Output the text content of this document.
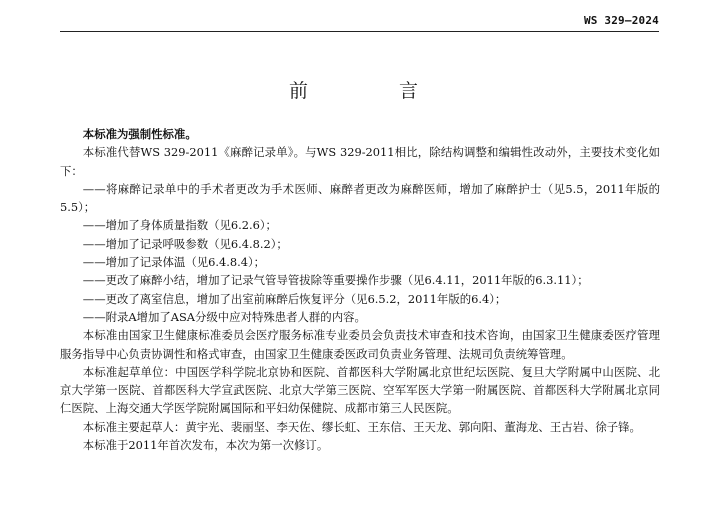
WS 329—2024
前　言

本标准为强制性标准。

本标准代替WS 329-2011《麻醉记录单》。与WS 329-2011相比，除结构调整和编辑性改动外，主要技术变化如下：

——将麻醉记录单中的手术者更改为手术医师、麻醉者更改为麻醉医师，增加了麻醉护士（见5.5，2011年版的5.5）；

——增加了身体质量指数（见6.2.6）；

——增加了记录呼吸参数（见6.4.8.2）；

——增加了记录体温（见6.4.8.4）；

——更改了麻醉小结，增加了记录气管导管拔除等重要操作步骤（见6.4.11，2011年版的6.3.11）；

——更改了离室信息，增加了出室前麻醉后恢复评分（见6.5.2，2011年版的6.4）；

——附录A增加了ASA分级中应对特殊患者人群的内容。

本标准由国家卫生健康标准委员会医疗服务标准专业委员会负责技术审查和技术咨询，由国家卫生健康委医疗管理服务指导中心负责协调性和格式审查，由国家卫生健康委医政司负责业务管理、法规司负责统筹管理。

本标准起草单位：中国医学科学院北京协和医院、首都医科大学附属北京世纪坛医院、复旦大学附属中山医院、北京大学第一医院、首都医科大学宣武医院、北京大学第三医院、空军军医大学第一附属医院、首都医科大学附属北京同仁医院、上海交通大学医学院附属国际和平妇幼保健院、成都市第三人民医院。

本标准主要起草人：黄宇光、裴丽坚、李天佐、缪长虹、王东信、王天龙、郭向阳、董海龙、王古岩、徐子锋。

本标准于2011年首次发布，本次为第一次修订。
